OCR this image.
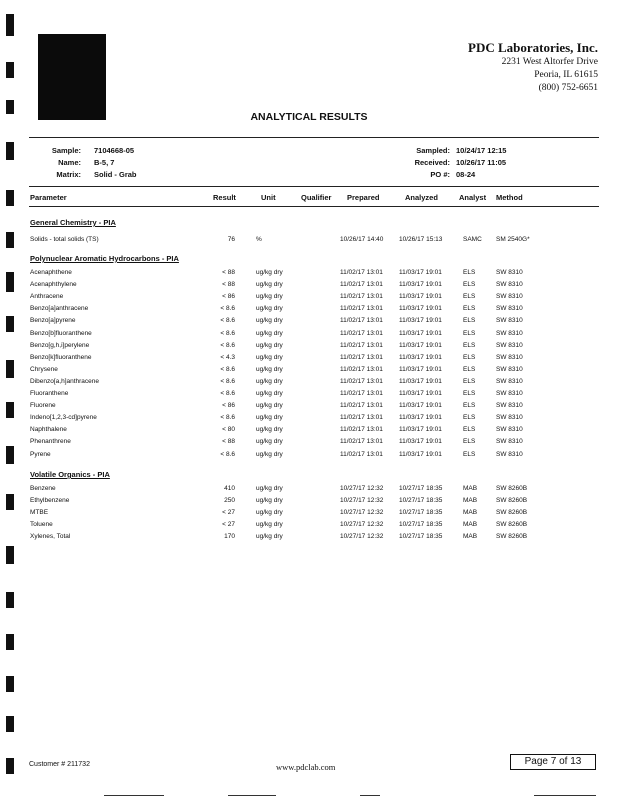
PDC Laboratories, Inc.
2231 West Altorfer Drive
Peoria, IL 61615
(800) 752-6651
ANALYTICAL RESULTS
Sample: 7104668-05
Name: B-5, 7
Matrix: Solid - Grab
Sampled: 10/24/17 12:15
Received: 10/26/17 11:05
PO #: 08-24
Parameter	Result	Unit	Qualifier Prepared	Analyzed	Analyst Method
General Chemistry - PIA
Solids - total solids (TS)	76	%	10/26/17 14:40 10/26/17 15:13	SAMC SM 2540G*
Polynuclear Aromatic Hydrocarbons - PIA
Acenaphthene	< 88	ug/kg dry	11/02/17 13:01 11/03/17 19:01	ELS	SW 8310
Acenaphthylene	< 88	ug/kg dry	11/02/17 13:01 11/03/17 19:01	ELS	SW 8310
Anthracene	< 86	ug/kg dry	11/02/17 13:01 11/03/17 19:01	ELS	SW 8310
Benzo[a]anthracene	< 8.6	ug/kg dry	11/02/17 13:01 11/03/17 19:01	ELS	SW 8310
Benzo[a]pyrene	< 8.6	ug/kg dry	11/02/17 13:01 11/03/17 19:01	ELS	SW 8310
Benzo[b]fluoranthene	< 8.6	ug/kg dry	11/02/17 13:01 11/03/17 19:01	ELS	SW 8310
Benzo[g,h,i]perylene	< 8.6	ug/kg dry	11/02/17 13:01 11/03/17 19:01	ELS	SW 8310
Benzo[k]fluoranthene	< 4.3	ug/kg dry	11/02/17 13:01 11/03/17 19:01	ELS	SW 8310
Chrysene	< 8.6	ug/kg dry	11/02/17 13:01 11/03/17 19:01	ELS	SW 8310
Dibenzo[a,h]anthracene	< 8.6	ug/kg dry	11/02/17 13:01 11/03/17 19:01	ELS	SW 8310
Fluoranthene	< 8.6	ug/kg dry	11/02/17 13:01 11/03/17 19:01	ELS	SW 8310
Fluorene	< 86	ug/kg dry	11/02/17 13:01 11/03/17 19:01	ELS	SW 8310
Indeno[1,2,3-cd]pyrene	< 8.6	ug/kg dry	11/02/17 13:01 11/03/17 19:01	ELS	SW 8310
Naphthalene	< 80	ug/kg dry	11/02/17 13:01 11/03/17 19:01	ELS	SW 8310
Phenanthrene	< 88	ug/kg dry	11/02/17 13:01 11/03/17 19:01	ELS	SW 8310
Pyrene	< 8.6	ug/kg dry	11/02/17 13:01 11/03/17 19:01	ELS	SW 8310
Volatile Organics - PIA
Benzene	410	ug/kg dry	10/27/17 12:32 10/27/17 18:35	MAB	SW 8260B
Ethylbenzene	250	ug/kg dry	10/27/17 12:32 10/27/17 18:35	MAB	SW 8260B
MTBE	< 27	ug/kg dry	10/27/17 12:32 10/27/17 18:35	MAB	SW 8260B
Toluene	< 27	ug/kg dry	10/27/17 12:32 10/27/17 18:35	MAB	SW 8260B
Xylenes, Total	170	ug/kg dry	10/27/17 12:32 10/27/17 18:35	MAB	SW 8260B
Customer # 211732	www.pdclab.com	Page 7 of 13
